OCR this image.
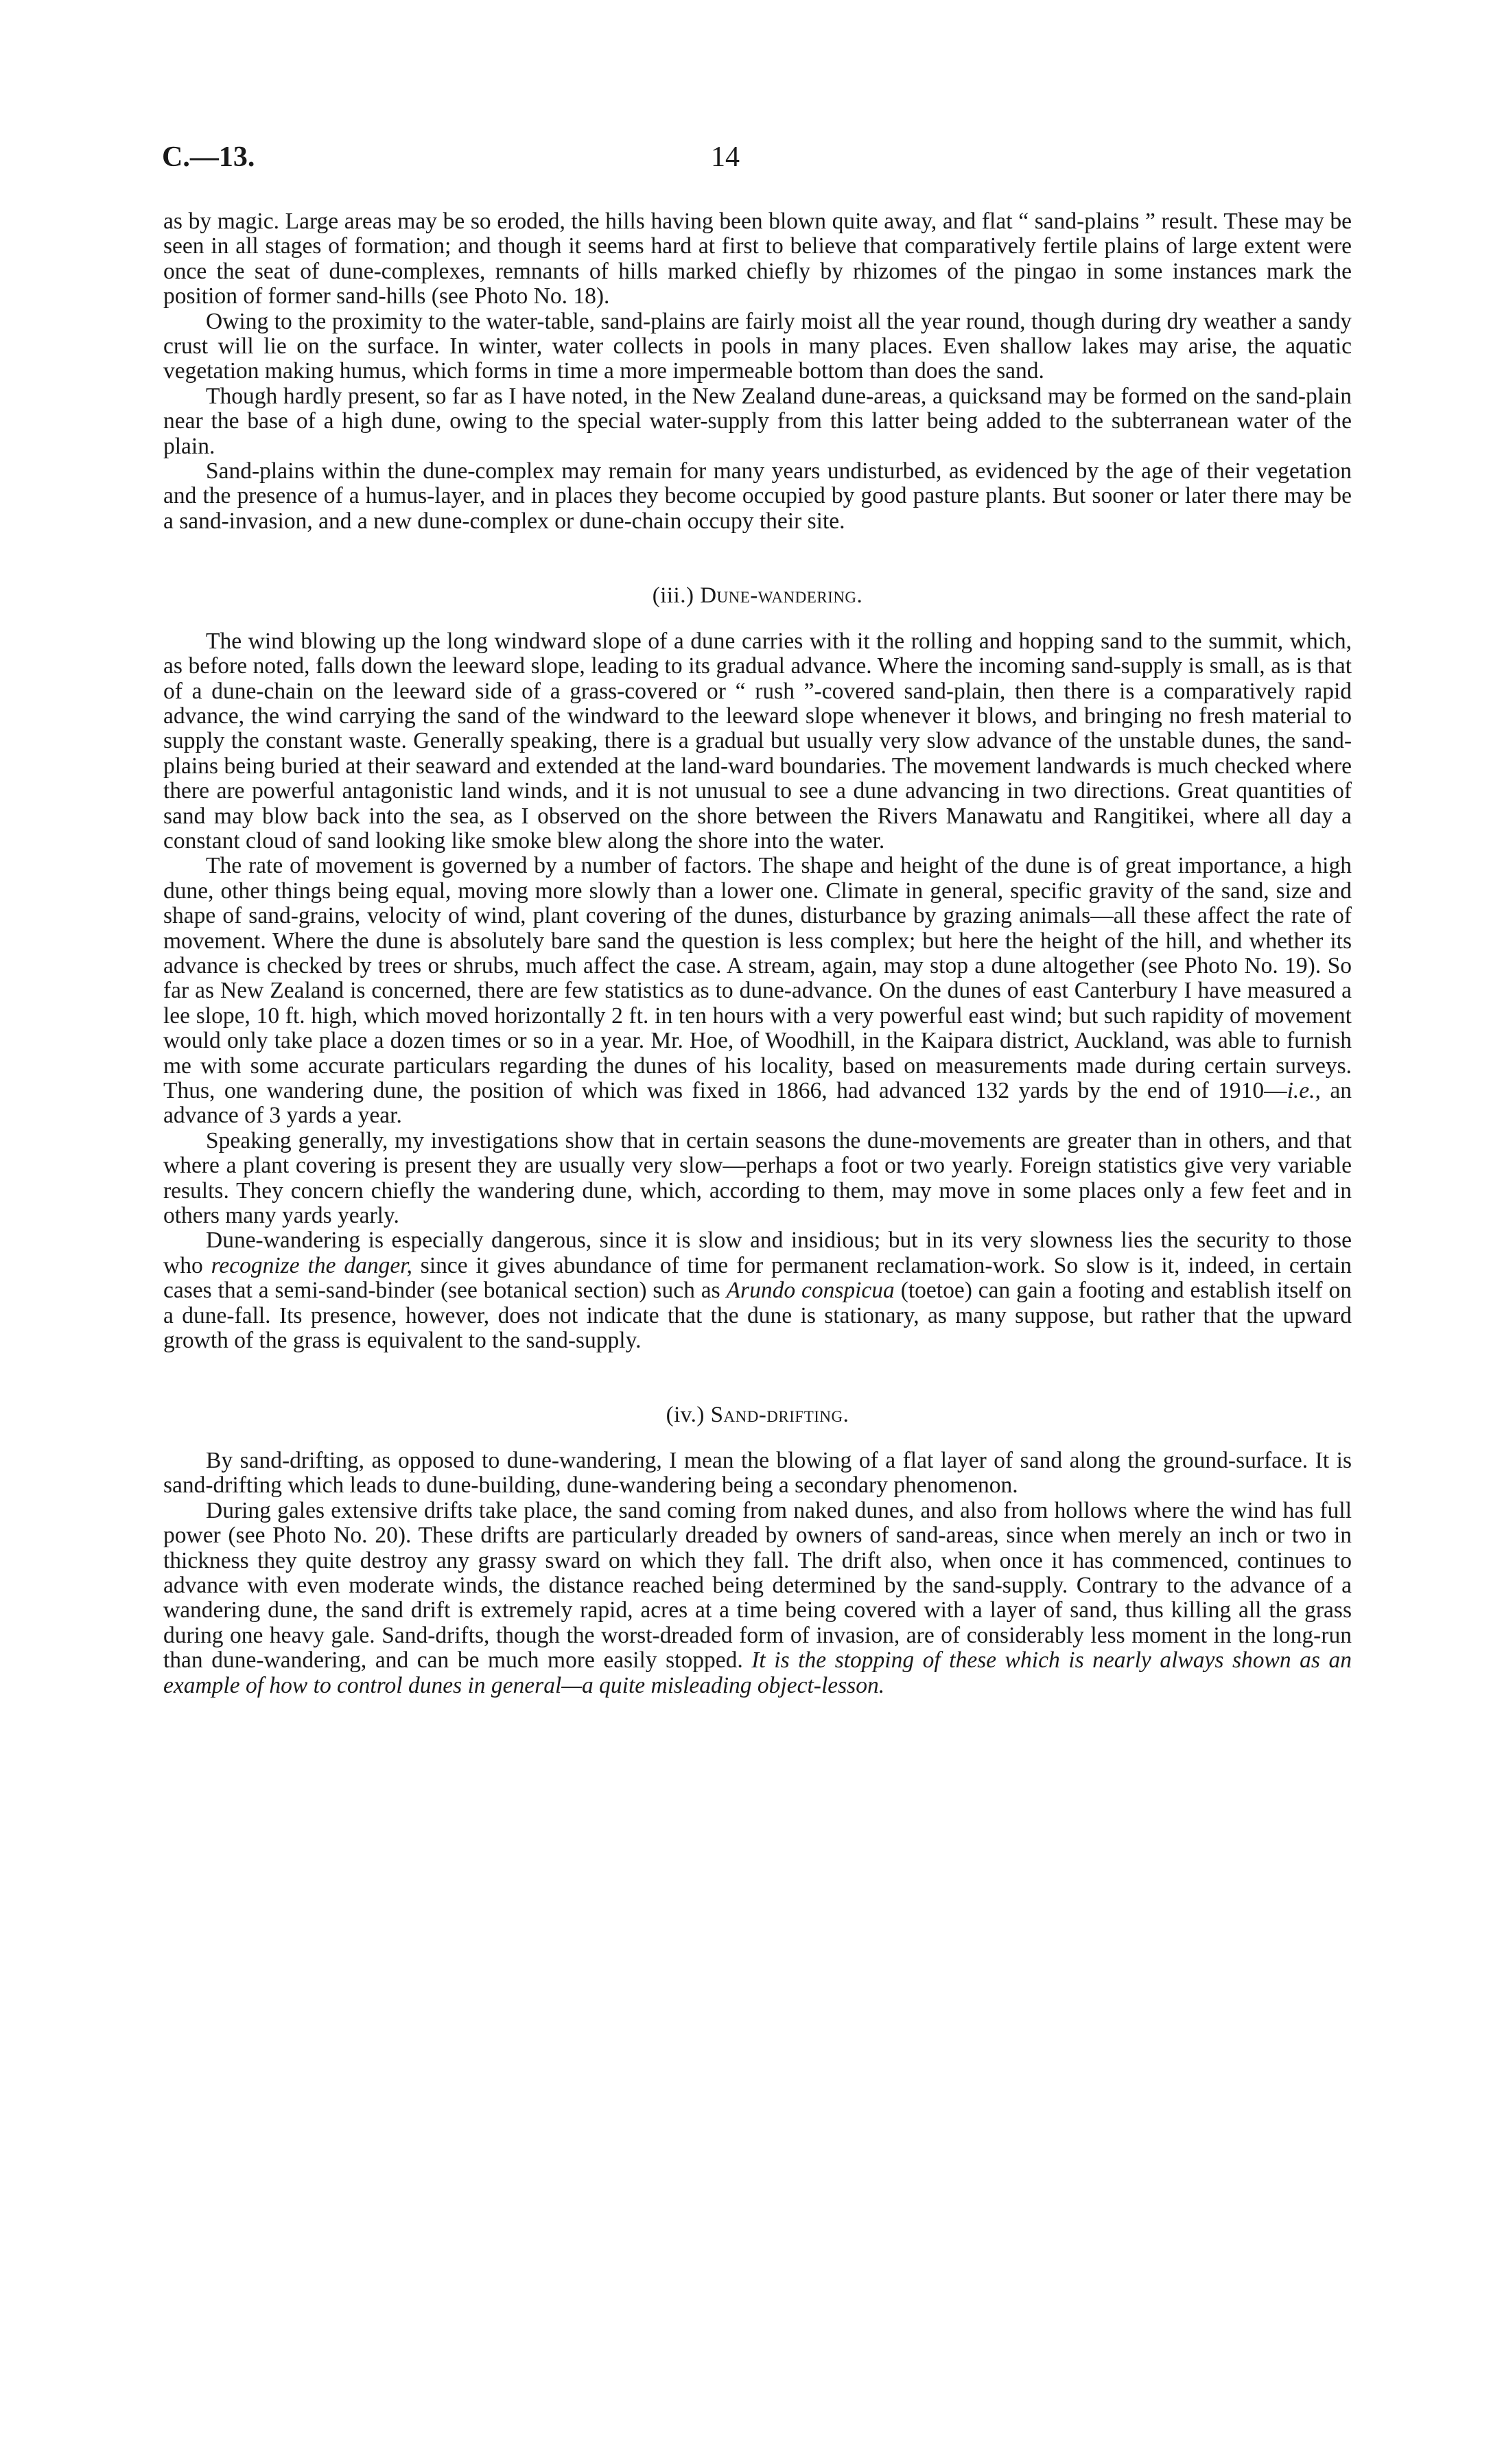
C.—13.	14

as by magic. Large areas may be so eroded, the hills having been blown quite away, and flat “ sand-plains ” result. These may be seen in all stages of formation; and though it seems hard at first to believe that comparatively fertile plains of large extent were once the seat of dune-complexes, remnants of hills marked chiefly by rhizomes of the pingao in some instances mark the position of former sand-hills (see Photo No. 18).

Owing to the proximity to the water-table, sand-plains are fairly moist all the year round, though during dry weather a sandy crust will lie on the surface. In winter, water collects in pools in many places. Even shallow lakes may arise, the aquatic vegetation making humus, which forms in time a more impermeable bottom than does the sand.

Though hardly present, so far as I have noted, in the New Zealand dune-areas, a quicksand may be formed on the sand-plain near the base of a high dune, owing to the special water-supply from this latter being added to the subterranean water of the plain.

Sand-plains within the dune-complex may remain for many years undisturbed, as evidenced by the age of their vegetation and the presence of a humus-layer, and in places they become occupied by good pasture plants. But sooner or later there may be a sand-invasion, and a new dune-complex or dune-chain occupy their site.

(iii.) Dune-wandering.

The wind blowing up the long windward slope of a dune carries with it the rolling and hopping sand to the summit, which, as before noted, falls down the leeward slope, leading to its gradual advance. Where the incoming sand-supply is small, as is that of a dune-chain on the leeward side of a grass-covered or “ rush ”-covered sand-plain, then there is a comparatively rapid advance, the wind carrying the sand of the windward to the leeward slope whenever it blows, and bringing no fresh material to supply the constant waste. Generally speaking, there is a gradual but usually very slow advance of the unstable dunes, the sand-plains being buried at their seaward and extended at the land-ward boundaries. The movement landwards is much checked where there are powerful antagonistic land winds, and it is not unusual to see a dune advancing in two directions. Great quantities of sand may blow back into the sea, as I observed on the shore between the Rivers Manawatu and Rangitikei, where all day a constant cloud of sand looking like smoke blew along the shore into the water.

The rate of movement is governed by a number of factors. The shape and height of the dune is of great importance, a high dune, other things being equal, moving more slowly than a lower one. Climate in general, specific gravity of the sand, size and shape of sand-grains, velocity of wind, plant covering of the dunes, disturbance by grazing animals—all these affect the rate of movement. Where the dune is absolutely bare sand the question is less complex; but here the height of the hill, and whether its advance is checked by trees or shrubs, much affect the case. A stream, again, may stop a dune altogether (see Photo No. 19). So far as New Zealand is concerned, there are few statistics as to dune-advance. On the dunes of east Canterbury I have measured a lee slope, 10 ft. high, which moved horizontally 2 ft. in ten hours with a very powerful east wind; but such rapidity of movement would only take place a dozen times or so in a year. Mr. Hoe, of Woodhill, in the Kaipara district, Auckland, was able to furnish me with some accurate particulars regarding the dunes of his locality, based on measurements made during certain surveys. Thus, one wandering dune, the position of which was fixed in 1866, had advanced 132 yards by the end of 1910—i.e., an advance of 3 yards a year.

Speaking generally, my investigations show that in certain seasons the dune-movements are greater than in others, and that where a plant covering is present they are usually very slow—perhaps a foot or two yearly. Foreign statistics give very variable results. They concern chiefly the wandering dune, which, according to them, may move in some places only a few feet and in others many yards yearly.

Dune-wandering is especially dangerous, since it is slow and insidious; but in its very slowness lies the security to those who recognize the danger, since it gives abundance of time for permanent reclamation-work. So slow is it, indeed, in certain cases that a semi-sand-binder (see botanical section) such as Arundo conspicua (toetoe) can gain a footing and establish itself on a dune-fall. Its presence, however, does not indicate that the dune is stationary, as many suppose, but rather that the upward growth of the grass is equivalent to the sand-supply.

(iv.) Sand-drifting.

By sand-drifting, as opposed to dune-wandering, I mean the blowing of a flat layer of sand along the ground-surface. It is sand-drifting which leads to dune-building, dune-wandering being a secondary phenomenon.

During gales extensive drifts take place, the sand coming from naked dunes, and also from hollows where the wind has full power (see Photo No. 20). These drifts are particularly dreaded by owners of sand-areas, since when merely an inch or two in thickness they quite destroy any grassy sward on which they fall. The drift also, when once it has commenced, continues to advance with even moderate winds, the distance reached being determined by the sand-supply. Contrary to the advance of a wandering dune, the sand drift is extremely rapid, acres at a time being covered with a layer of sand, thus killing all the grass during one heavy gale. Sand-drifts, though the worst-dreaded form of invasion, are of considerably less moment in the long-run than dune-wandering, and can be much more easily stopped. It is the stopping of these which is nearly always shown as an example of how to control dunes in general—a quite misleading object-lesson.
